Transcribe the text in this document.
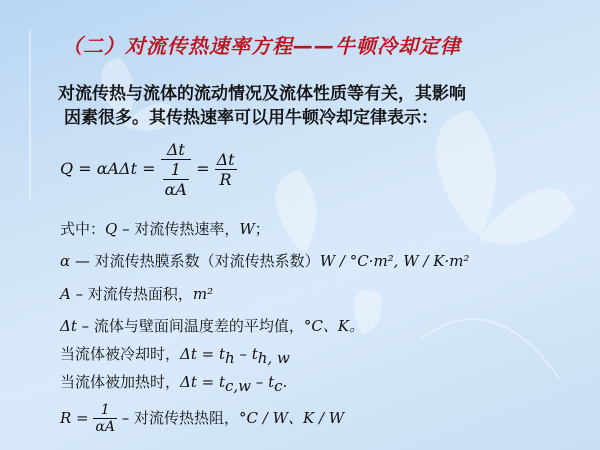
（二）对流传热速率方程——牛顿冷却定律

对流传热与流体的流动情况及流体性质等有关，其影响
因素很多。其传热速率可以用牛顿冷却定律表示：

$Q = \alpha A\Delta t = \frac{\Delta t}{\frac{1}{\alpha A}} = \frac{\Delta t}{R}$

式中：Q – 对流传热速率，W；

α — 对流传热膜系数（对流传热系数）W / °C·m², W / K·m²

A – 对流传热面积，m²

Δt – 流体与壁面间温度差的平均值，°C、K。

当流体被冷却时，$\Delta t = t_h - t_{h, w}$

当流体被加热时，$\Delta t = t_{c,w} - t_c$.

$R = \frac{1}{\alpha A}$ – 对流传热热阻，°C / W、K / W
